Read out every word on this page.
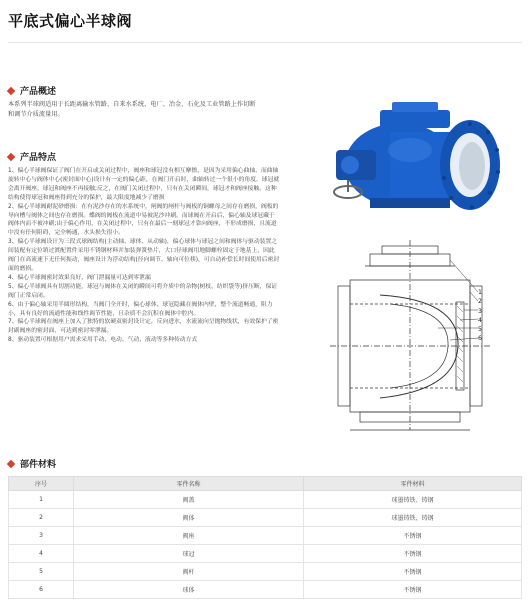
平底式偏心半球阀
产品概述
本系列半球阀适用于长距离输水管路、自来水系统、电厂、冶金、石化及工业管路上作切断和调节介质流量用。
产品特点

1、偏心半球阀保证了阀门在开启或关闭过程中，阀座和球冠没有相互摩擦，是因为采用偏心曲轴、而曲轴旋转中心与阀体中心(密封面中心)设计有一定的偏心距，在阀门开启时，曲轴转过一个很小的角度，球冠就会离开阀座，球冠和阀座不再接触;反之，在阀门关闭过程中，只有在关闭瞬间，球冠才和阀座接触。这种结构使得球冠和阀座得到充分的保护，最大限度地减少了磨损

2、偏心半球阀耐泥砂磨损：在有泥沙存在的水系统中，闸阀的闸杆与阀板的铜螺母之间存在磨损，阀板的导向槽与阀体之间也存在磨损。蝶阀的阀板在流道中易被泥沙冲刷。而球阀在开启后，偏心轴及球冠藏于阀体内而不被冲刷;由于偏心作用，在关闭过程中，只有在最后一刻球冠才靠向阀座，不形成磨损，且流道中没有任何阻碍，完全畅通，水头损失很小。

3、偏心半球阀设计为三段式球阀结构(主动轴、球体、从动轴)，偏心球体与球冠之间和阀体与驱动装置之间装配有定位销过渡配置件采用不锈钢材料并加装弹簧垫片，大口径球阀用地脚螺栓固定于地基上，因此阀门在高流速下无任何振动，阀座设计为浮动结构(径向调节、轴向可位移)，可自动补偿长时间使用后密封面的磨损。

4、偏心半球阀密封效果良好，阀门泄漏量可达到零泄漏

5、偏心半球阀具有切割功能，球冠与阀体在关闭的瞬间可将介质中的杂物(树枝、纺织袋等)挤压断，保证阀门正常启闭。

6、由于偏心轴采用半圆形结构，当阀门全开时，偏心球体、球冠隐藏在阀体内壁，整个流道畅通，阻力小，具有良好的流通性能和线性调节性能，且杂质不会沉积在阀体中腔内。

7、偏心半球阀在阀座上加入了独特的软硬双密封设计定，反向进水，水流流向呈抛物线状，有效保护了密封副阀座的密封面，可达到密封零泄漏。

8、驱动装置可根据用户需求采用手动、电动、气动、液动等多种传动方式

1
2
3
4
5
6
部件材料
序号	零件名称	零件材料
1	阀盖	球墨铸铁、铸钢
2	阀体	球墨铸铁、铸钢
3	阀座	不锈钢
4	球冠	不锈钢
5	阀杆	不锈钢
6	球体	不锈钢
